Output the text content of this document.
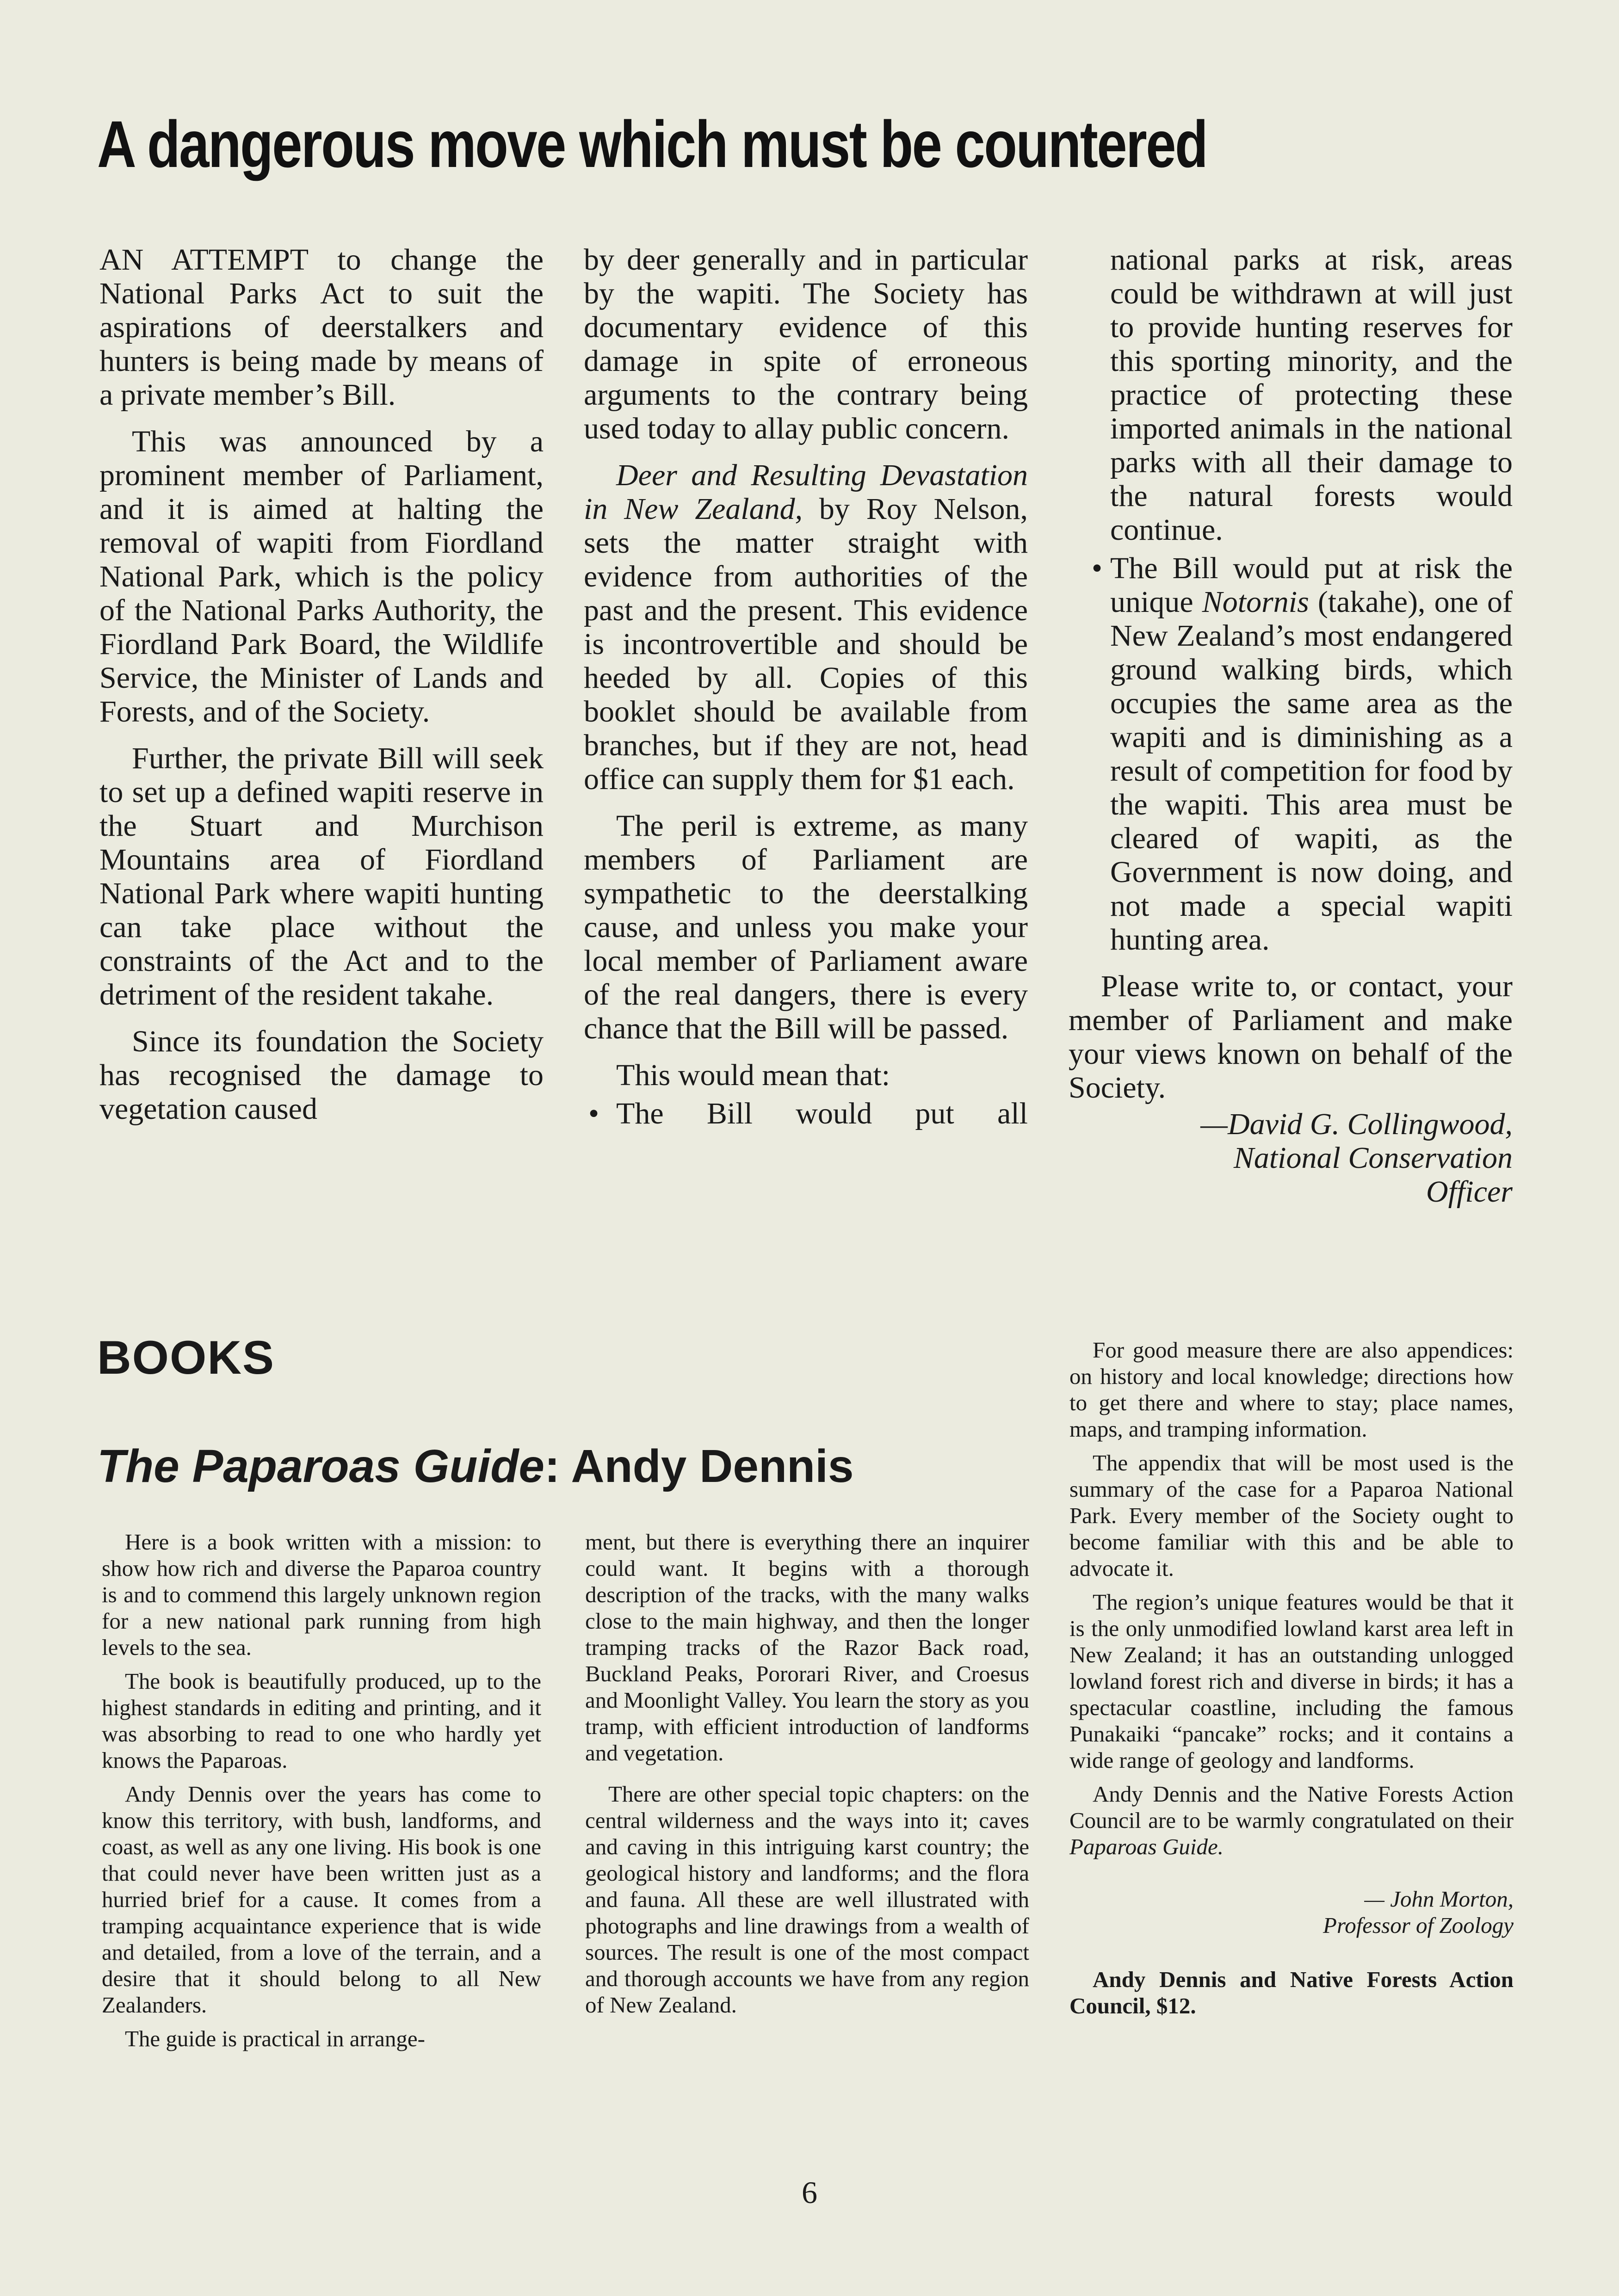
A dangerous move which must be countered

AN ATTEMPT to change the National Parks Act to suit the aspirations of deerstalkers and hunters is being made by means of a private member’s Bill.

This was announced by a prominent member of Parliament, and it is aimed at halting the removal of wapiti from Fiordland National Park, which is the policy of the National Parks Authority, the Fiordland Park Board, the Wildlife Service, the Minister of Lands and Forests, and of the Society.

Further, the private Bill will seek to set up a defined wapiti reserve in the Stuart and Murchison Mountains area of Fiordland National Park where wapiti hunting can take place without the constraints of the Act and to the detriment of the resident takahe.

Since its foundation the Society has recognised the damage to vegetation caused

by deer generally and in particular by the wapiti. The Society has documentary evidence of this damage in spite of erroneous arguments to the contrary being used today to allay public concern.

Deer and Resulting Devastation in New Zealand, by Roy Nelson, sets the matter straight with evidence from authorities of the past and the present. This evidence is incontrovertible and should be heeded by all. Copies of this booklet should be available from branches, but if they are not, head office can supply them for $1 each.

The peril is extreme, as many members of Parliament are sympathetic to the deerstalking cause, and unless you make your local member of Parliament aware of the real dangers, there is every chance that the Bill will be passed.

This would mean that:

• The Bill would put all

national parks at risk, areas could be withdrawn at will just to provide hunting reserves for this sporting minority, and the practice of protecting these imported animals in the national parks with all their damage to the natural forests would continue.

• The Bill would put at risk the unique Notornis (takahe), one of New Zealand’s most endangered ground walking birds, which occupies the same area as the wapiti and is diminishing as a result of competition for food by the wapiti. This area must be cleared of wapiti, as the Government is now doing, and not made a special wapiti hunting area.

Please write to, or contact, your member of Parliament and make your views known on behalf of the Society.

—David G. Collingwood,

National Conservation

Officer

BOOKS
The Paparoas Guide: Andy Dennis

Here is a book written with a mission: to show how rich and diverse the Paparoa country is and to commend this largely unknown region for a new national park running from high levels to the sea.

The book is beautifully produced, up to the highest standards in editing and printing, and it was absorbing to read to one who hardly yet knows the Paparoas.

Andy Dennis over the years has come to know this territory, with bush, landforms, and coast, as well as any one living. His book is one that could never have been written just as a hurried brief for a cause. It comes from a tramping acquaintance experience that is wide and detailed, from a love of the terrain, and a desire that it should belong to all New Zealanders.

The guide is practical in arrange-

ment, but there is everything there an inquirer could want. It begins with a thorough description of the tracks, with the many walks close to the main highway, and then the longer tramping tracks of the Razor Back road, Buckland Peaks, Pororari River, and Croesus and Moonlight Valley. You learn the story as you tramp, with efficient introduction of landforms and vegetation.

There are other special topic chapters: on the central wilderness and the ways into it; caves and caving in this intriguing karst country; the geological history and landforms; and the flora and fauna. All these are well illustrated with photographs and line drawings from a wealth of sources. The result is one of the most compact and thorough accounts we have from any region of New Zealand.

For good measure there are also appendices: on history and local knowledge; directions how to get there and where to stay; place names, maps, and tramping information.

The appendix that will be most used is the summary of the case for a Paparoa National Park. Every member of the Society ought to become familiar with this and be able to advocate it.

The region’s unique features would be that it is the only unmodified lowland karst area left in New Zealand; it has an outstanding unlogged lowland forest rich and diverse in birds; it has a spectacular coastline, including the famous Punakaiki “pancake” rocks; and it contains a wide range of geology and landforms.

Andy Dennis and the Native Forests Action Council are to be warmly congratulated on their Paparoas Guide.

— John Morton,

Professor of Zoology

Andy Dennis and Native Forests Action Council, $12.

6
